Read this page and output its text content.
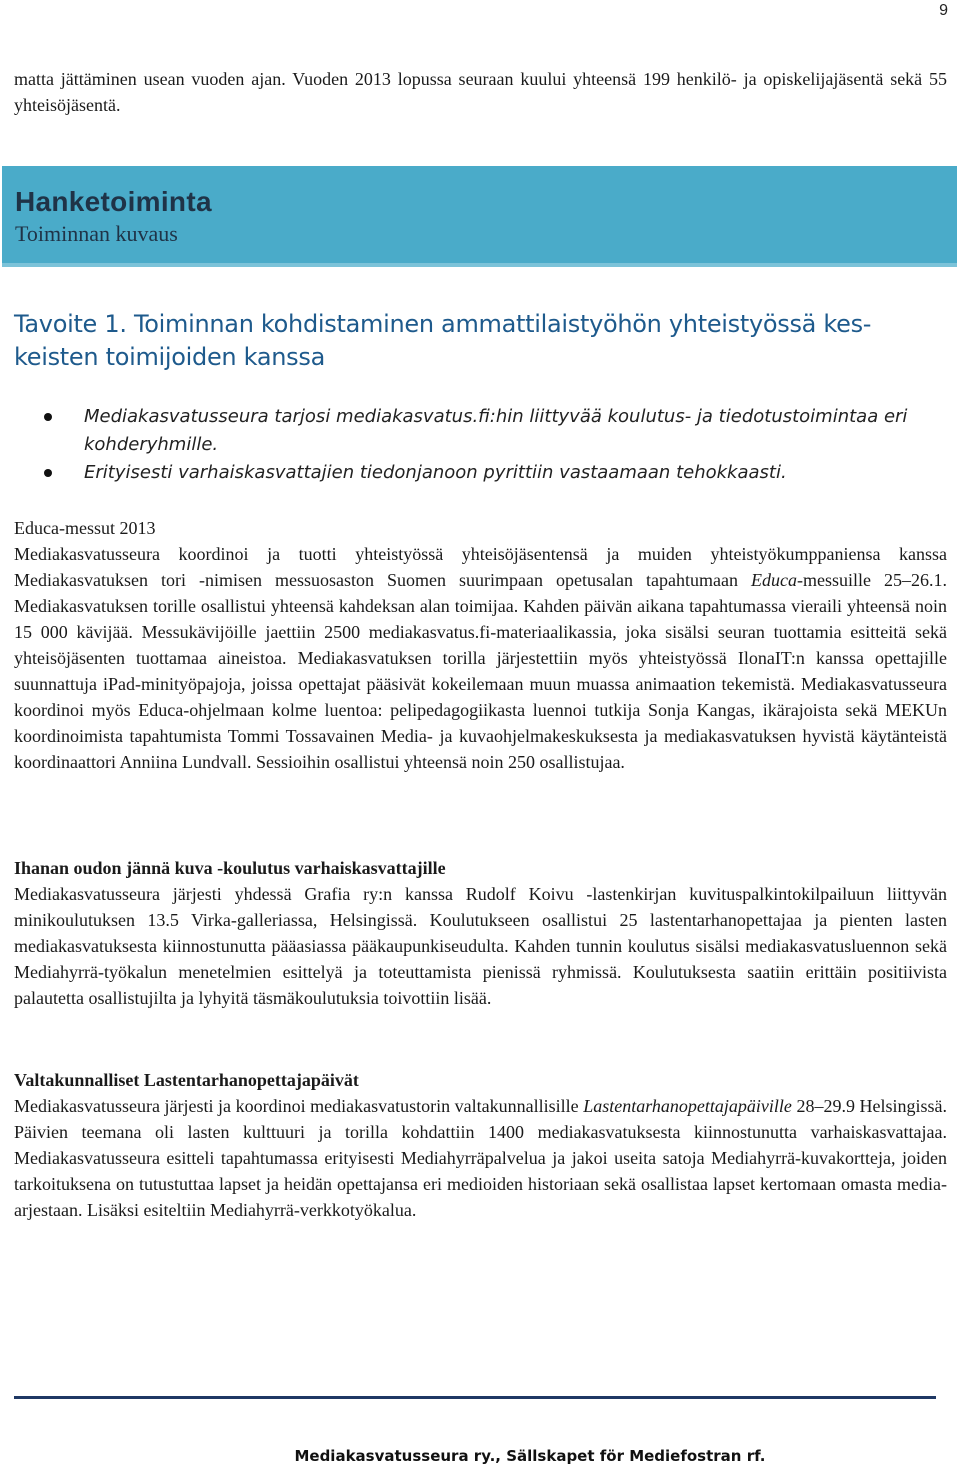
9
matta jättäminen usean vuoden ajan. Vuoden 2013 lopussa seuraan kuului yhteensä 199 henkilö- ja opiskelijajäsentä sekä 55 yhteisöjäsentä.
Hanketoiminta
Toiminnan kuvaus
Tavoite 1. Toiminnan kohdistaminen ammattilaistyöhön yhteistyössä kes-
keisten toimijoiden kanssa
Mediakasvatusseura tarjosi mediakasvatus.fi:hin liittyvää koulutus- ja tiedotustoimintaa eri kohderyhmille.
Erityisesti varhaiskasvattajien tiedonjanoon pyrittiin vastaamaan tehokkaasti.
Educa-messut 2013
Mediakasvatusseura koordinoi ja tuotti yhteistyössä yhteisöjäsentensä ja muiden yhteistyökumppaniensa kanssa Mediakasvatuksen tori -nimisen messuosaston Suomen suurimpaan opetusalan tapahtumaan Educa-messuille 25–26.1. Mediakasvatuksen torille osallistui yhteensä kahdeksan alan toimijaa. Kahden päivän aikana tapahtumassa vieraili yhteensä noin 15 000 kävijää. Messukävijöille jaettiin 2500 mediakasvatus.fi-materiaalikassia, joka sisälsi seuran tuottamia esitteitä sekä yhteisöjäsenten tuottamaa aineistoa. Mediakasvatuksen torilla järjestettiin myös yhteistyössä IlonaIT:n kanssa opettajille suunnattuja iPad-minityöpajoja, joissa opettajat pääsivät kokeilemaan muun muassa animaation tekemistä. Mediakasvatusseura koordinoi myös Educa-ohjelmaan kolme luentoa: pelipedagogiikasta luennoi tutkija Sonja Kangas, ikärajoista sekä MEKUn koordinoimista tapahtumista Tommi Tossavainen Media- ja kuvaohjelmakeskuksesta ja mediakasvatuksen hyvistä käytänteistä koordinaattori Anniina Lundvall. Sessioihin osallistui yhteensä noin 250 osallistujaa.
Ihanan oudon jännä kuva -koulutus varhaiskasvattajille
Mediakasvatusseura järjesti yhdessä Grafia ry:n kanssa Rudolf Koivu -lastenkirjan kuvituspalkintokilpailuun liittyvän minikoulutuksen 13.5 Virka-galleriassa, Helsingissä. Koulutukseen osallistui 25 lastentarhanopettajaa ja pienten lasten mediakasvatuksesta kiinnostunutta pääasiassa pääkaupunkiseudulta. Kahden tunnin koulutus sisälsi mediakasvatusluennon sekä Mediahyrrä-työkalun menetelmien esittelyä ja toteuttamista pienissä ryhmissä. Koulutuksesta saatiin erittäin positiivista palautetta osallistujilta ja lyhyitä täsmäkoulutuksia toivottiin lisää.
Valtakunnalliset Lastentarhanopettajapäivät
Mediakasvatusseura järjesti ja koordinoi mediakasvatustorin valtakunnallisille Lastentarhanopettajapäiville 28–29.9 Helsingissä. Päivien teemana oli lasten kulttuuri ja torilla kohdattiin 1400 mediakasvatuksesta kiinnostunutta varhaiskasvattajaa. Mediakasvatusseura esitteli tapahtumassa erityisesti Mediahyrräpalvelua ja jakoi useita satoja Mediahyrrä-kuvakortteja, joiden tarkoituksena on tutustuttaa lapset ja heidän opettajansa eri medioiden historiaan sekä osallistaa lapset kertomaan omasta media-arjestaan. Lisäksi esiteltiin Mediahyrrä-verkkotyökalua.
Mediakasvatusseura ry., Sällskapet för Mediefostran rf.
